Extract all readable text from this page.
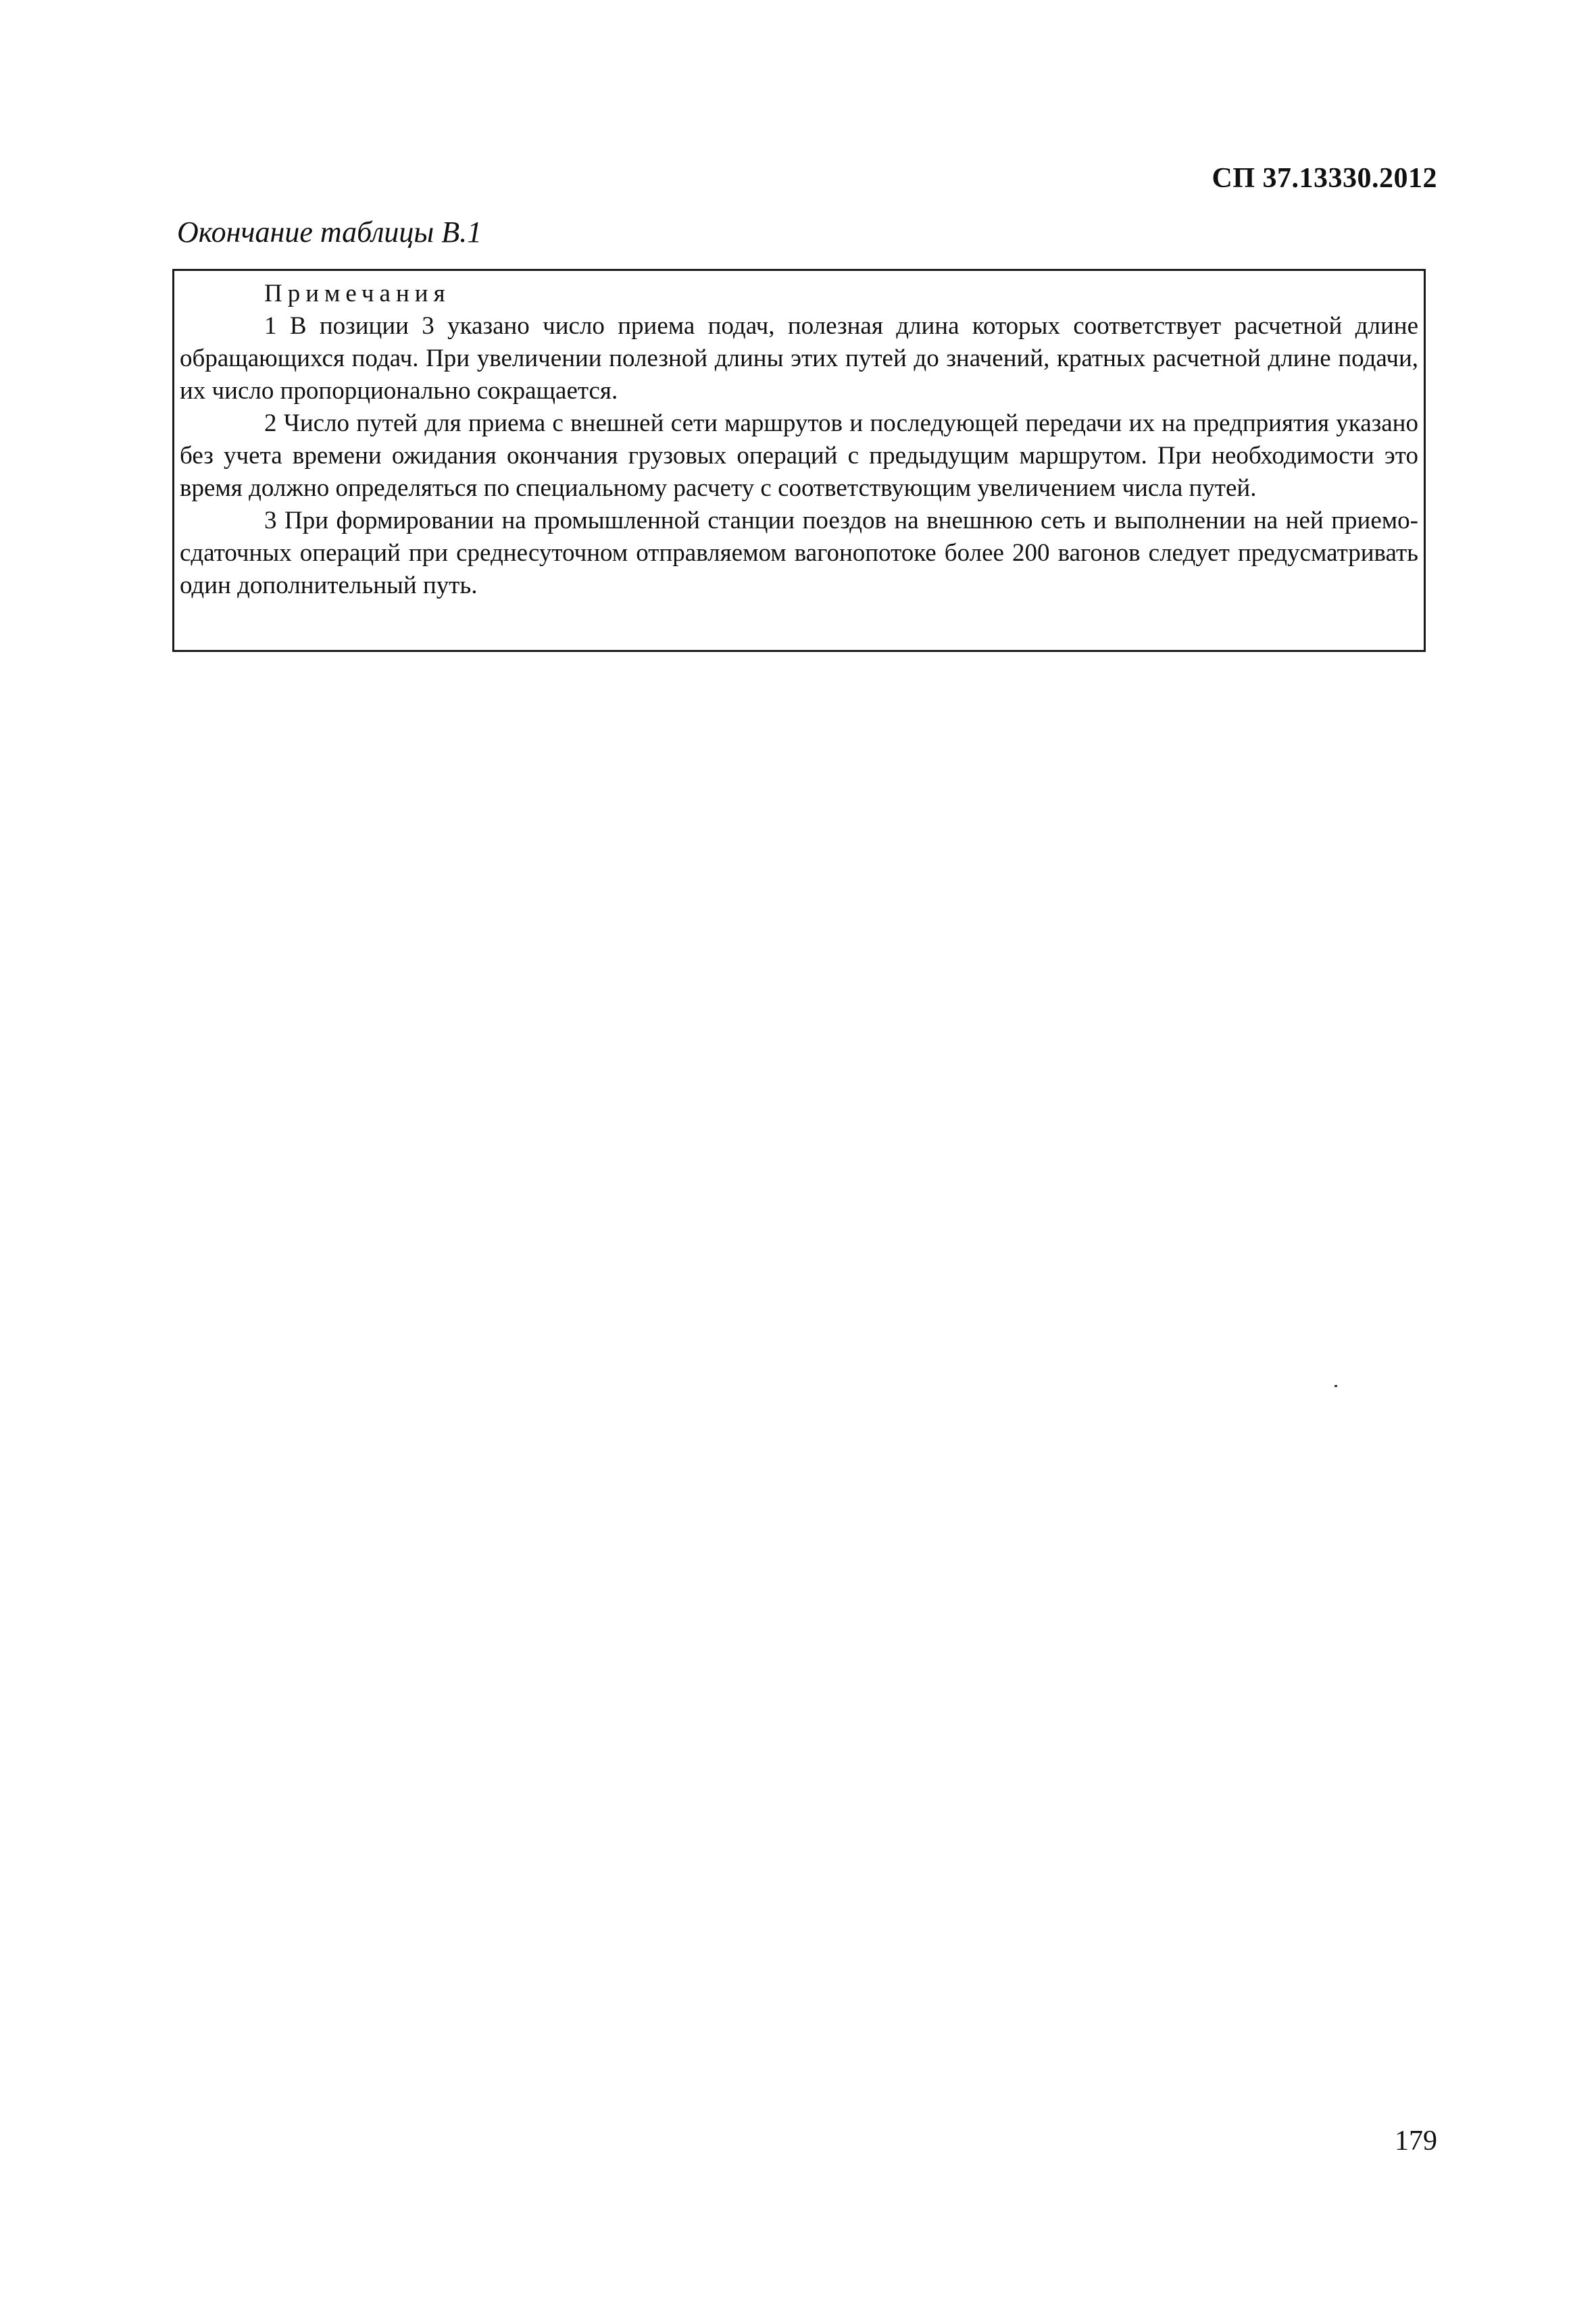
СП 37.13330.2012
Окончание таблицы В.1
Примечания

1 В позиции 3 указано число приема подач, полезная длина которых соответствует расчетной длине обращающихся подач. При увеличении полезной длины этих путей до значений, кратных расчетной длине подачи, их число пропорционально сокращается.

2 Число путей для приема с внешней сети маршрутов и последующей передачи их на предприятия указано без учета времени ожидания окончания грузовых операций с предыдущим маршрутом. При необходимости это время должно определяться по специальному расчету с соответствующим увеличением числа путей.

3 При формировании на промышленной станции поездов на внешнюю сеть и выполнении на ней приемо-сдаточных операций при среднесуточном отправляемом вагонопотоке более 200 вагонов следует предусматривать один дополнительный путь.

179
